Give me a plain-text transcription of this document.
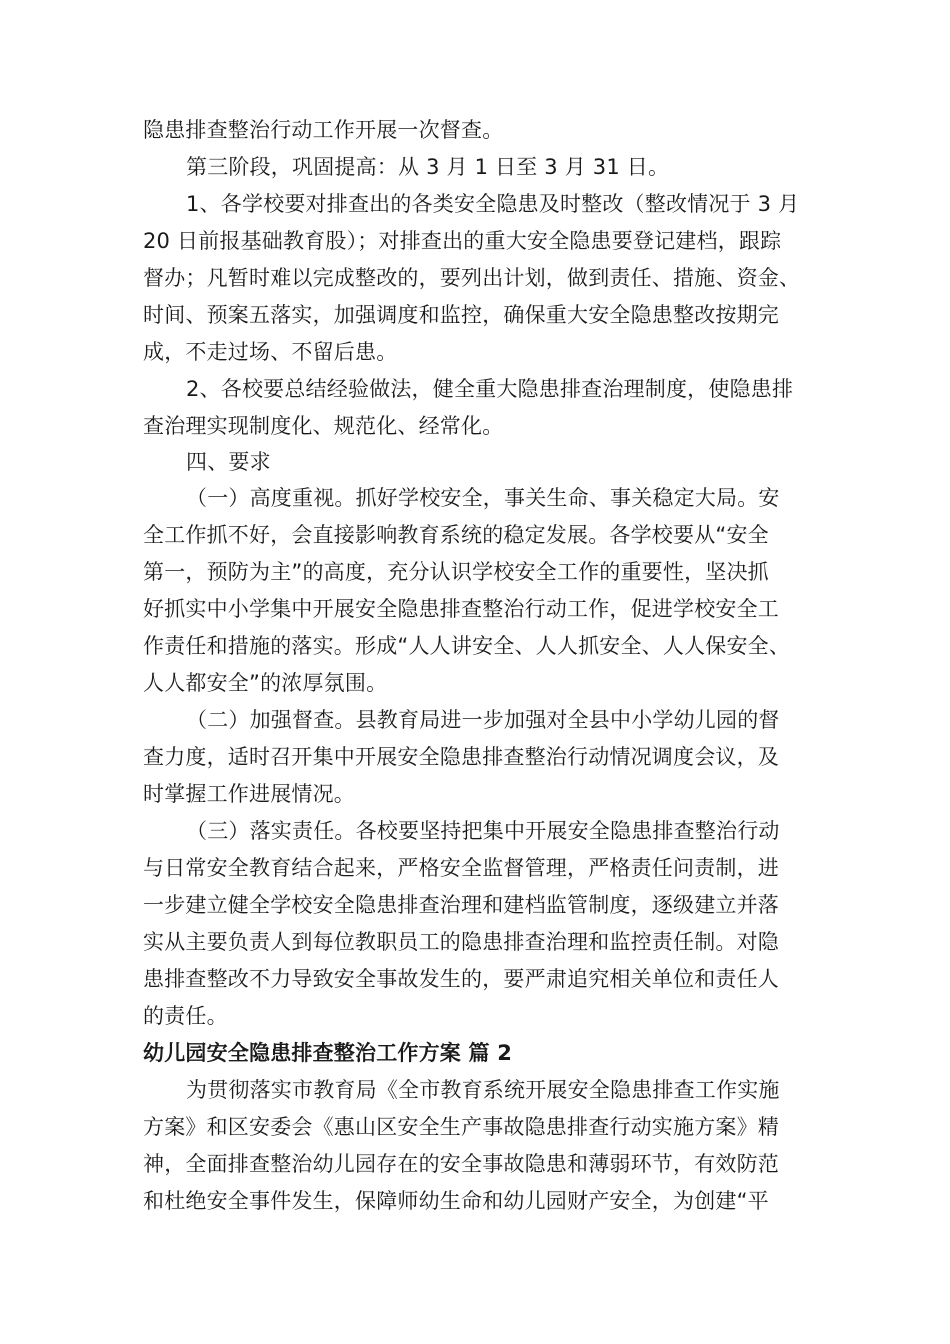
隐患排查整治行动工作开展一次督查。
第三阶段，巩固提高：从 3 月 1 日至 3 月 31 日。
1、各学校要对排查出的各类安全隐患及时整改（整改情况于 3 月
20 日前报基础教育股）；对排查出的重大安全隐患要登记建档，跟踪
督办；凡暂时难以完成整改的，要列出计划，做到责任、措施、资金、
时间、预案五落实，加强调度和监控，确保重大安全隐患整改按期完
成，不走过场、不留后患。
2、各校要总结经验做法，健全重大隐患排查治理制度，使隐患排
查治理实现制度化、规范化、经常化。
四、要求
（一）高度重视。抓好学校安全，事关生命、事关稳定大局。安
全工作抓不好，会直接影响教育系统的稳定发展。各学校要从“安全
第一，预防为主”的高度，充分认识学校安全工作的重要性，坚决抓
好抓实中小学集中开展安全隐患排查整治行动工作，促进学校安全工
作责任和措施的落实。形成“人人讲安全、人人抓安全、人人保安全、
人人都安全”的浓厚氛围。
（二）加强督查。县教育局进一步加强对全县中小学幼儿园的督
查力度，适时召开集中开展安全隐患排查整治行动情况调度会议，及
时掌握工作进展情况。
（三）落实责任。各校要坚持把集中开展安全隐患排查整治行动
与日常安全教育结合起来，严格安全监督管理，严格责任问责制，进
一步建立健全学校安全隐患排查治理和建档监管制度，逐级建立并落
实从主要负责人到每位教职员工的隐患排查治理和监控责任制。对隐
患排查整改不力导致安全事故发生的，要严肃追究相关单位和责任人
的责任。
幼儿园安全隐患排查整治工作方案 篇 2
为贯彻落实市教育局《全市教育系统开展安全隐患排查工作实施
方案》和区安委会《惠山区安全生产事故隐患排查行动实施方案》精
神，全面排查整治幼儿园存在的安全事故隐患和薄弱环节，有效防范
和杜绝安全事件发生，保障师幼生命和幼儿园财产安全，为创建“平
